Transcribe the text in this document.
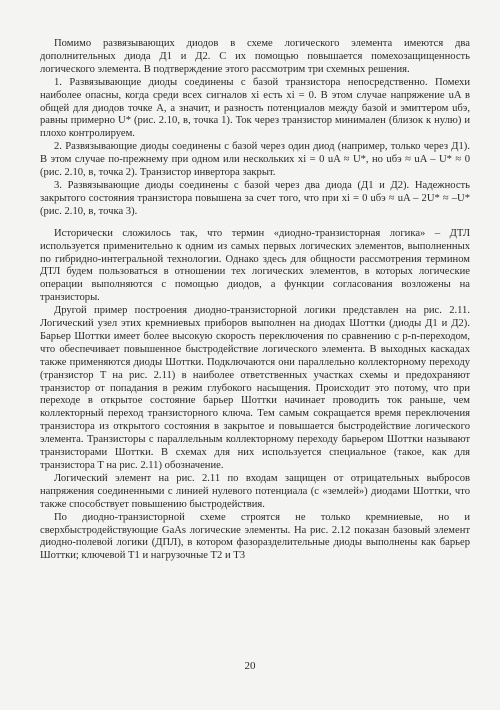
Помимо развязывающих диодов в схеме логического элемента имеются два дополнительных диода Д1 и Д2. С их помощью повышается помехозащищенность логического элемента. В подтверждение этого рассмотрим три схемных решения.

1. Развязывающие диоды соединены с базой транзистора непосредственно. Помехи наиболее опасны, когда среди всех сигналов xi есть xi = 0. В этом случае напряжение uA в общей для диодов точке A, а значит, и разность потенциалов между базой и эмиттером uбэ, равны примерно U* (рис. 2.10, в, точка 1). Ток через транзистор минимален (близок к нулю) и плохо контролируем.

2. Развязывающие диоды соединены с базой через один диод (например, только через Д1). В этом случае по-прежнему при одном или нескольких xi = 0 uA ≈ U*, но uбэ ≈ uA – U* ≈ 0 (рис. 2.10, в, точка 2). Транзистор инвертора закрыт.

3. Развязывающие диоды соединены с базой через два диода (Д1 и Д2). Надежность закрытого состояния транзистора повышена за счет того, что при xi = 0 uбэ ≈ uA – 2U* ≈ –U* (рис. 2.10, в, точка 3).

Исторически сложилось так, что термин «диодно-транзисторная логика» – ДТЛ используется применительно к одним из самых первых логических элементов, выполненных по гибридно-интегральной технологии. Однако здесь для общности рассмотрения термином ДТЛ будем пользоваться в отношении тех логических элементов, в которых логические операции выполняются с помощью диодов, а функции согласования возложены на транзисторы.

Другой пример построения диодно-транзисторной логики представлен на рис. 2.11. Логический узел этих кремниевых приборов выполнен на диодах Шоттки (диоды Д1 и Д2). Барьер Шоттки имеет более высокую скорость переключения по сравнению с p-n-переходом, что обеспечивает повышенное быстродействие логического элемента. В выходных каскадах также применяются диоды Шоттки. Подключаются они параллельно коллекторному переходу (транзистор T на рис. 2.11) в наиболее ответственных участках схемы и предохраняют транзистор от попадания в режим глубокого насыщения. Происходит это потому, что при переходе в открытое состояние барьер Шоттки начинает проводить ток раньше, чем коллекторный переход транзисторного ключа. Тем самым сокращается время переключения транзистора из открытого состояния в закрытое и повышается быстродействие логического элемента. Транзисторы с параллельным коллекторному переходу барьером Шоттки называют транзисторами Шоттки. В схемах для них используется специальное (такое, как для транзистора T на рис. 2.11) обозначение.

Логический элемент на рис. 2.11 по входам защищен от отрицательных выбросов напряжения соединенными с линией нулевого потенциала (с «землей») диодами Шоттки, что также способствует повышению быстродействия.

По диодно-транзисторной схеме строятся не только кремниевые, но и сверхбыстродействующие GaAs логические элементы. На рис. 2.12 показан базовый элемент диодно-полевой логики (ДПЛ), в котором фазоразделительные диоды выполнены как барьер Шоттки; ключевой T1 и нагрузочные T2 и T3

20
